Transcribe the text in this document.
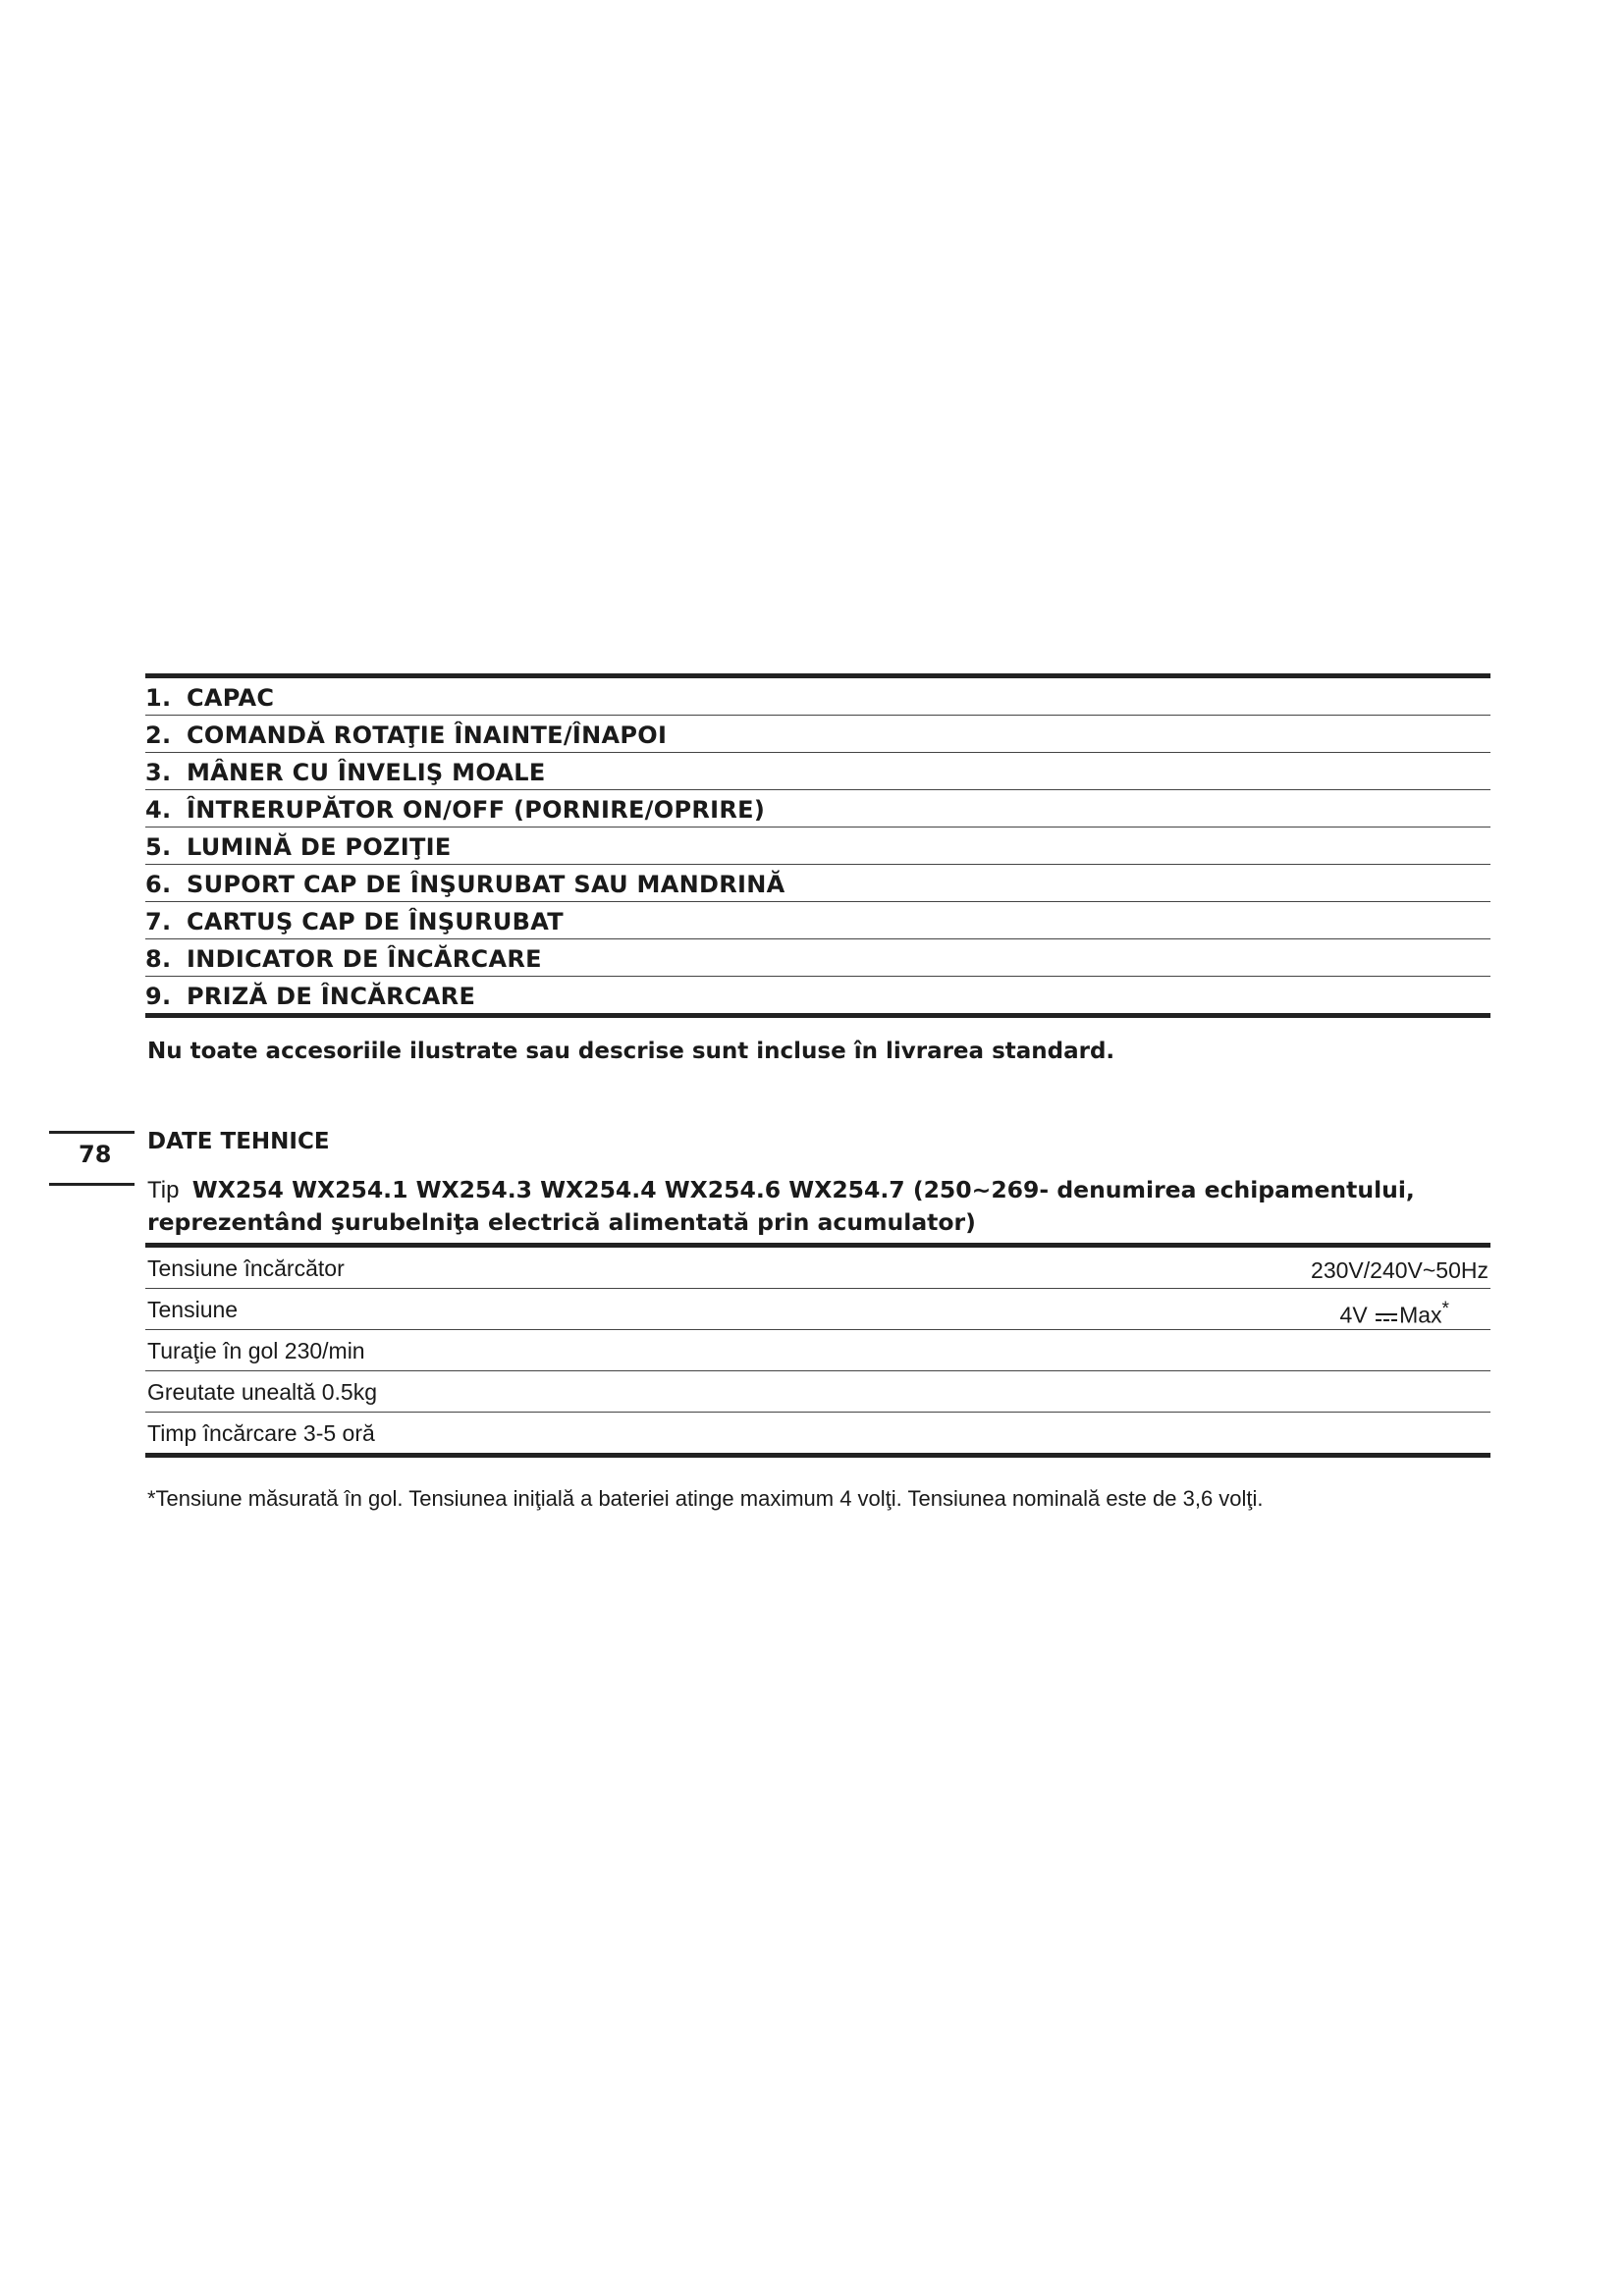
1. CAPAC
2. COMANDĂ ROTAŢIE ÎNAINTE/ÎNAPOI
3. MÂNER CU ÎNVELIŞ MOALE
4. ÎNTRERUPĂTOR ON/OFF (PORNIRE/OPRIRE)
5. LUMINĂ DE POZIŢIE
6. SUPORT CAP DE ÎNŞURUBAT SAU MANDRINĂ
7. CARTUŞ CAP DE ÎNŞURUBAT
8. INDICATOR DE ÎNCĂRCARE
9. PRIZĂ DE ÎNCĂRCARE
Nu toate accesoriile ilustrate sau descrise sunt incluse în livrarea standard.
78 DATE TEHNICE
Tip WX254 WX254.1 WX254.3 WX254.4 WX254.6 WX254.7 (250~269- denumirea echipamentului, reprezentând şurubelniţa electrică alimentată prin acumulator)
Tensiune încărcător	230V/240V~50Hz
Tensiune	4V Max*
Turaţie în gol 230/min
Greutate unealtă 0.5kg
Timp încărcare 3-5 oră
*Tensiune măsurată în gol. Tensiunea iniţială a bateriei atinge maximum 4 volţi. Tensiunea nominală este de 3,6 volţi.
